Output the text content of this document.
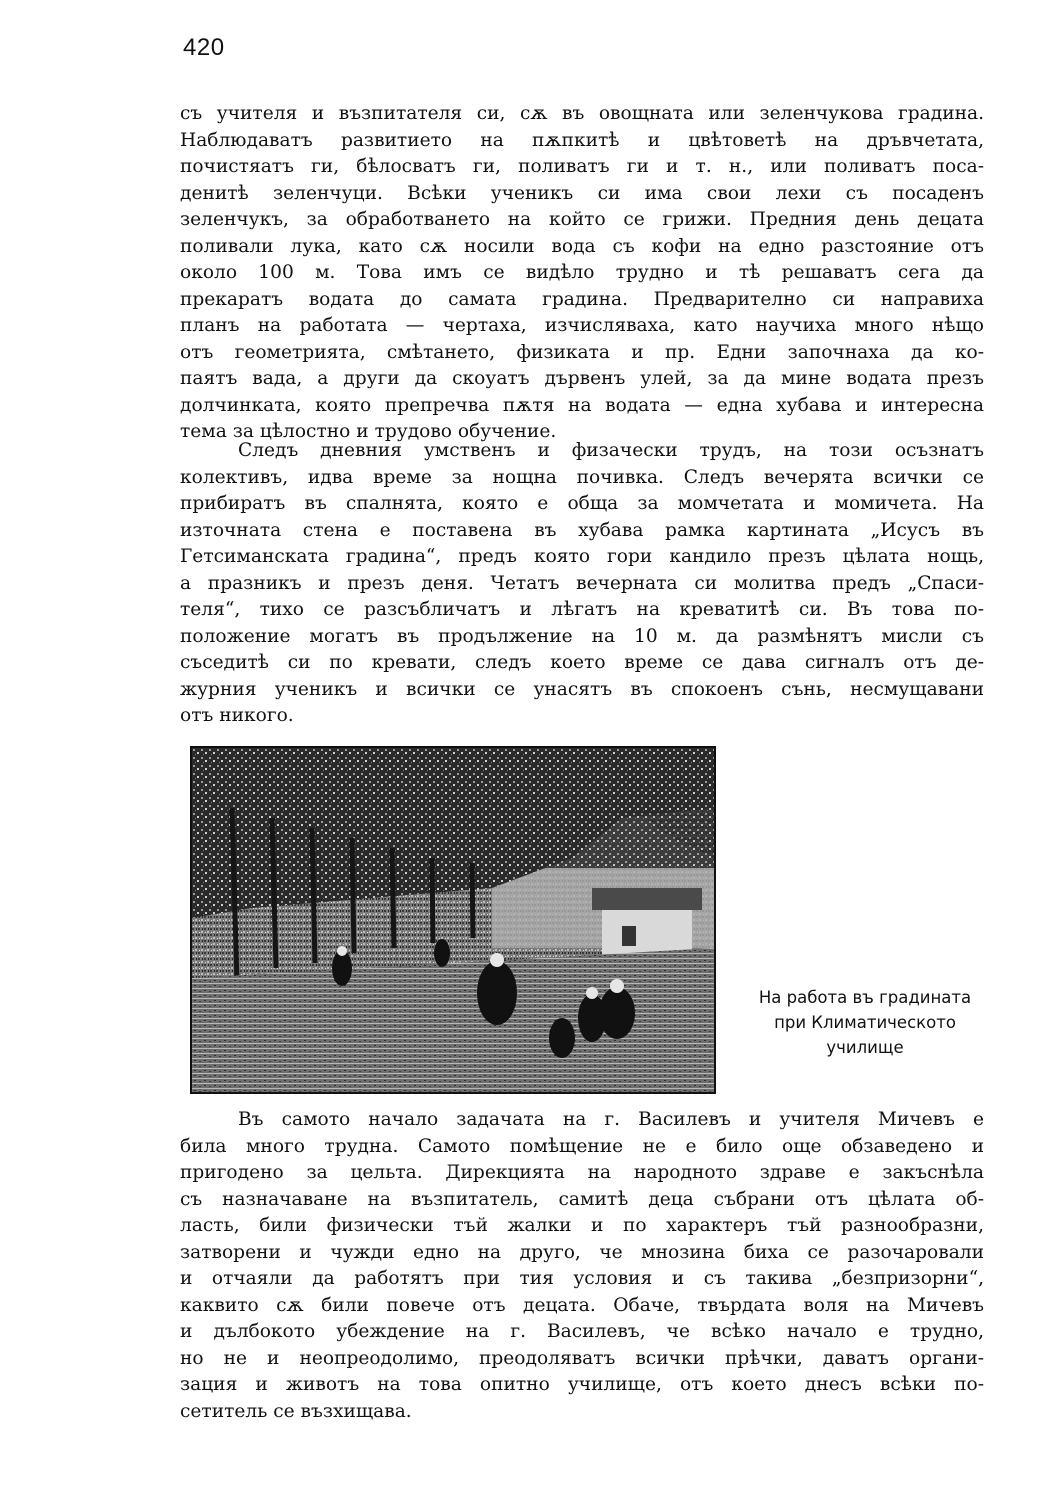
420
съ учителя и възпитателя си, сѫ въ овощната или зеленчукова градина.
Наблюдаватъ развитието на пѫпкитѣ и цвѣтоветѣ на дръвчетата,
почистяатъ ги, бѣлосватъ ги, поливатъ ги и т. н., или поливатъ поса-
денитѣ зеленчуци. Всѣки ученикъ си има свои лехи съ посаденъ
зеленчукъ, за обработването на който се грижи. Предния день децата
поливали лука, като сѫ носили вода съ кофи на едно разстояние отъ
около 100 м. Това имъ се видѣло трудно и тѣ решаватъ сега да
прекаратъ водата до самата градина. Предварително си направиха
планъ на работата — чертаха, изчисляваха, като научиха много нѣщо
отъ геометрията, смѣтането, физиката и пр. Едни започнаха да ко-
паятъ вада, а други да скоуатъ дървенъ улей, за да мине водата презъ
долчинката, която препречва пѫтя на водата — една хубава и интересна
тема за цѣлостно и трудово обучение.
Следъ дневния умственъ и физачески трудъ, на този осъзнатъ
колективъ, идва време за нощна почивка. Следъ вечерята всички се
прибиратъ въ спалнята, която е обща за момчетата и момичета. На
източната стена е поставена въ хубава рамка картината „Исусъ въ
Гетсиманската градина“, предъ която гори кандило презъ цѣлата нощь,
а празникъ и презъ деня. Четатъ вечерната си молитва предъ „Спаси-
теля“, тихо се разсъбличатъ и лѣгатъ на креватитѣ си. Въ това по-
положение могатъ въ продължение на 10 м. да размѣнятъ мисли съ
съседитѣ си по кревати, следъ което време се дава сигналъ отъ де-
журния ученикъ и всички се унасятъ въ спокоенъ сънь, несмущавани
отъ никого.
На работа въ градината
при Климатическото
училище
Въ самото начало задачата на г. Василевъ и учителя Мичевъ е
била много трудна. Самото помѣщение не е било още обзаведено и
пригодено за цельта. Дирекцията на народното здраве е закъснѣла
съ назначаване на възпитатель, самитѣ деца събрани отъ цѣлата об-
ласть, били физически тъй жалки и по характеръ тъй разнообразни,
затворени и чужди едно на друго, че мнозина биха се разочаровали
и отчаяли да работятъ при тия условия и съ такива „безпризорни“,
каквито сѫ били повече отъ децата. Обаче, твърдата воля на Мичевъ
и дълбокото убеждение на г. Василевъ, че всѣко начало е трудно,
но не и неопреодолимо, преодоляватъ всички прѣчки, даватъ органи-
зация и животъ на това опитно училище, отъ което днесъ всѣки по-
сетитель се възхищава.
